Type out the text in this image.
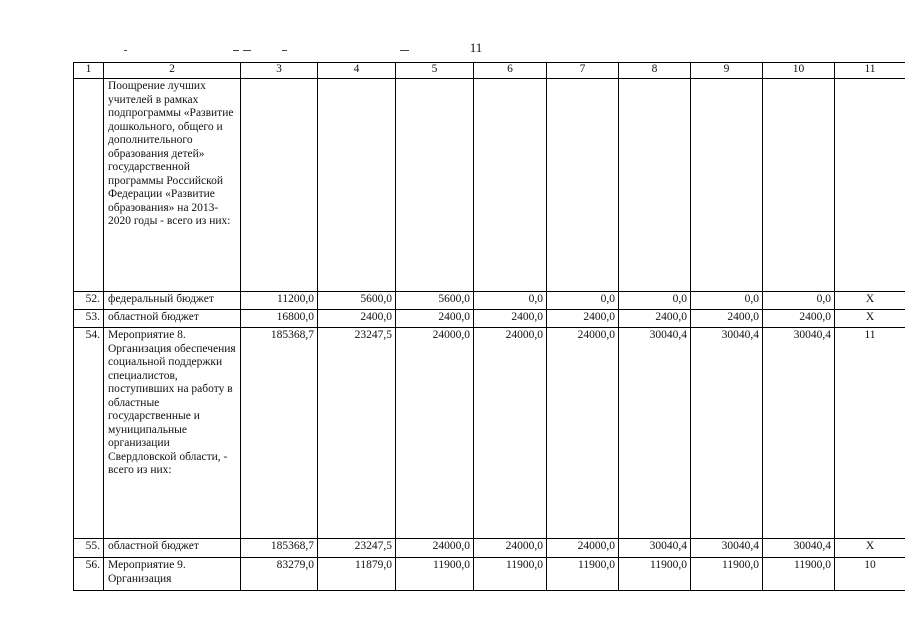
11
1	2	3	4	5	6	7	8	9	10	11
	Поощрение лучших учителей в рамках подпрограммы «Развитие дошкольного, общего и дополнительного образования детей» государственной программы Российской Федерации «Развитие образования» на 2013-2020 годы - всего из них:									
52.	федеральный бюджет	11200,0	5600,0	5600,0	0,0	0,0	0,0	0,0	0,0	X
53.	областной бюджет	16800,0	2400,0	2400,0	2400,0	2400,0	2400,0	2400,0	2400,0	X
54.	Мероприятие 8. Организация обеспечения социальной поддержки специалистов, поступивших на работу в областные государственные и муниципальные организации Свердловской области, - всего из них:	185368,7	23247,5	24000,0	24000,0	24000,0	30040,4	30040,4	30040,4	11
55.	областной бюджет	185368,7	23247,5	24000,0	24000,0	24000,0	30040,4	30040,4	30040,4	X
56.	Мероприятие 9. Организация	83279,0	11879,0	11900,0	11900,0	11900,0	11900,0	11900,0	11900,0	10
